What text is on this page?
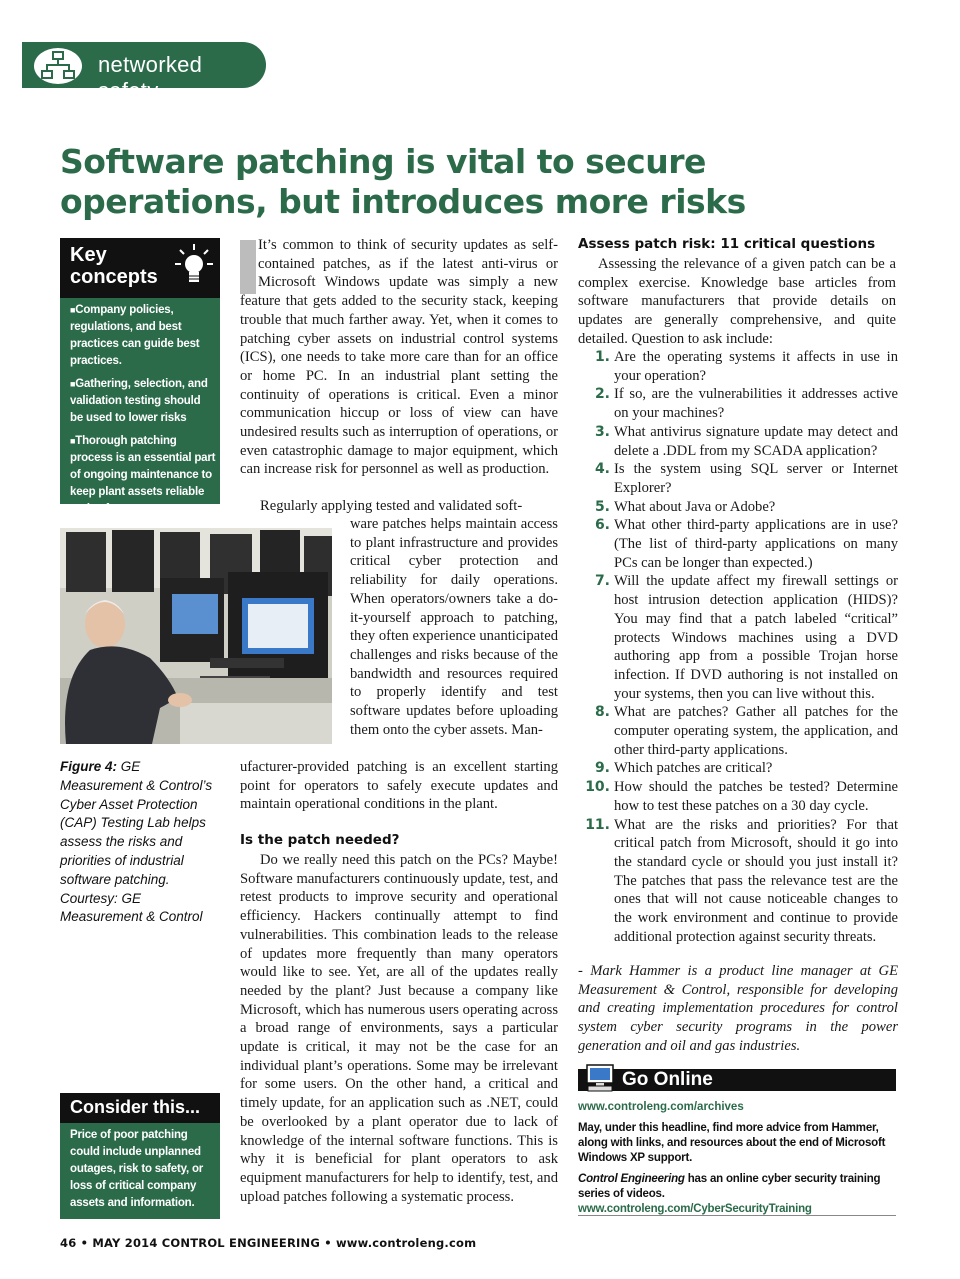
networked safety
Software patching is vital to secure operations, but introduces more risks
Key concepts
■ Company policies, regulations, and best practices can guide best practices.
■ Gathering, selection, and validation testing should be used to lower risks
■ Thorough patching process is an essential part of ongoing maintenance to keep plant assets reliable and safe.
Figure 4: GE Measurement & Control’s Cyber Asset Protection (CAP) Testing Lab helps assess the risks and priorities of industrial software patching. Courtesy: GE Measurement & Control
Consider this...
Price of poor patching could include unplanned outages, risk to safety, or loss of critical company assets and information.

It’s common to think of security updates as self-contained patches, as if the latest anti-virus or Microsoft Windows update was simply a new feature that gets added to the security stack, keeping trouble that much farther away. Yet, when it comes to patching cyber assets on industrial control systems (ICS), one needs to take more care than for an office or home PC. In an industrial plant setting the continuity of operations is critical. Even a minor communication hiccup or loss of view can have undesired results such as interruption of operations, or even catastrophic damage to major equipment, which can increase risk for personnel as well as production.

Regularly applying tested and validated soft-

ware patches helps maintain access to plant infrastructure and provides critical cyber protection and reliability for daily operations. When operators/owners take a do-it-yourself approach to patching, they often experience unanticipated challenges and risks because of the bandwidth and resources required to properly identify and test software updates before uploading them onto the cyber assets. Man-

ufacturer-provided patching is an excellent starting point for operators to safely execute updates and maintain operational conditions in the plant.

Is the patch needed?

Do we really need this patch on the PCs? Maybe! Software manufacturers continuously update, test, and retest products to improve security and operational efficiency. Hackers continually attempt to find vulnerabilities. This combination leads to the release of updates more frequently than many operators would like to see. Yet, are all of the updates really needed by the plant? Just because a company like Microsoft, which has numerous users operating across a broad range of environments, says a particular update is critical, it may not be the case for an individual plant’s operations. Some may be irrelevant for some users. On the other hand, a critical and timely update, for an application such as .NET, could be overlooked by a plant operator due to lack of knowledge of the internal software functions. This is why it is beneficial for plant operators to ask equipment manufacturers for help to identify, test, and upload patches following a systematic process.

Assess patch risk: 11 critical questions

Assessing the relevance of a given patch can be a complex exercise. Knowledge base articles from software manufacturers that provide details on updates are generally comprehensive, and quite detailed. Question to ask include:

1. Are the operating systems it affects in use in your operation?
2. If so, are the vulnerabilities it addresses active on your machines?
3. What antivirus signature update may detect and delete a .DDL from my SCADA application?
4. Is the system using SQL server or Internet Explorer?
5. What about Java or Adobe?
6. What other third-party applications are in use? (The list of third-party applications on many PCs can be longer than expected.)
7. Will the update affect my firewall settings or host intrusion detection application (HIDS)? You may find that a patch labeled “critical” protects Windows machines using a DVD authoring app from a possible Trojan horse infection. If DVD authoring is not installed on your systems, then you can live without this.
8. What are patches? Gather all patches for the computer operating system, the application, and other third-party applications.
9. Which patches are critical?
10. How should the patches be tested? Determine how to test these patches on a 30 day cycle.
11. What are the risks and priorities? For that critical patch from Microsoft, should it go into the standard cycle or should you just install it? The patches that pass the relevance test are the ones that will not cause noticeable changes to the work environment and continue to provide additional protection against security threats.

- Mark Hammer is a product line manager at GE Measurement & Control, responsible for developing and creating implementation procedures for control system cyber security programs in the power generation and oil and gas industries.

Go Online
www.controleng.com/archives

May, under this headline, find more advice from Hammer, along with links, and resources about the end of Microsoft Windows XP support.

Control Engineering has an online cyber security training series of videos. www.controleng.com/CyberSecurityTraining

46 • MAY 2014 CONTROL ENGINEERING • www.controleng.com
